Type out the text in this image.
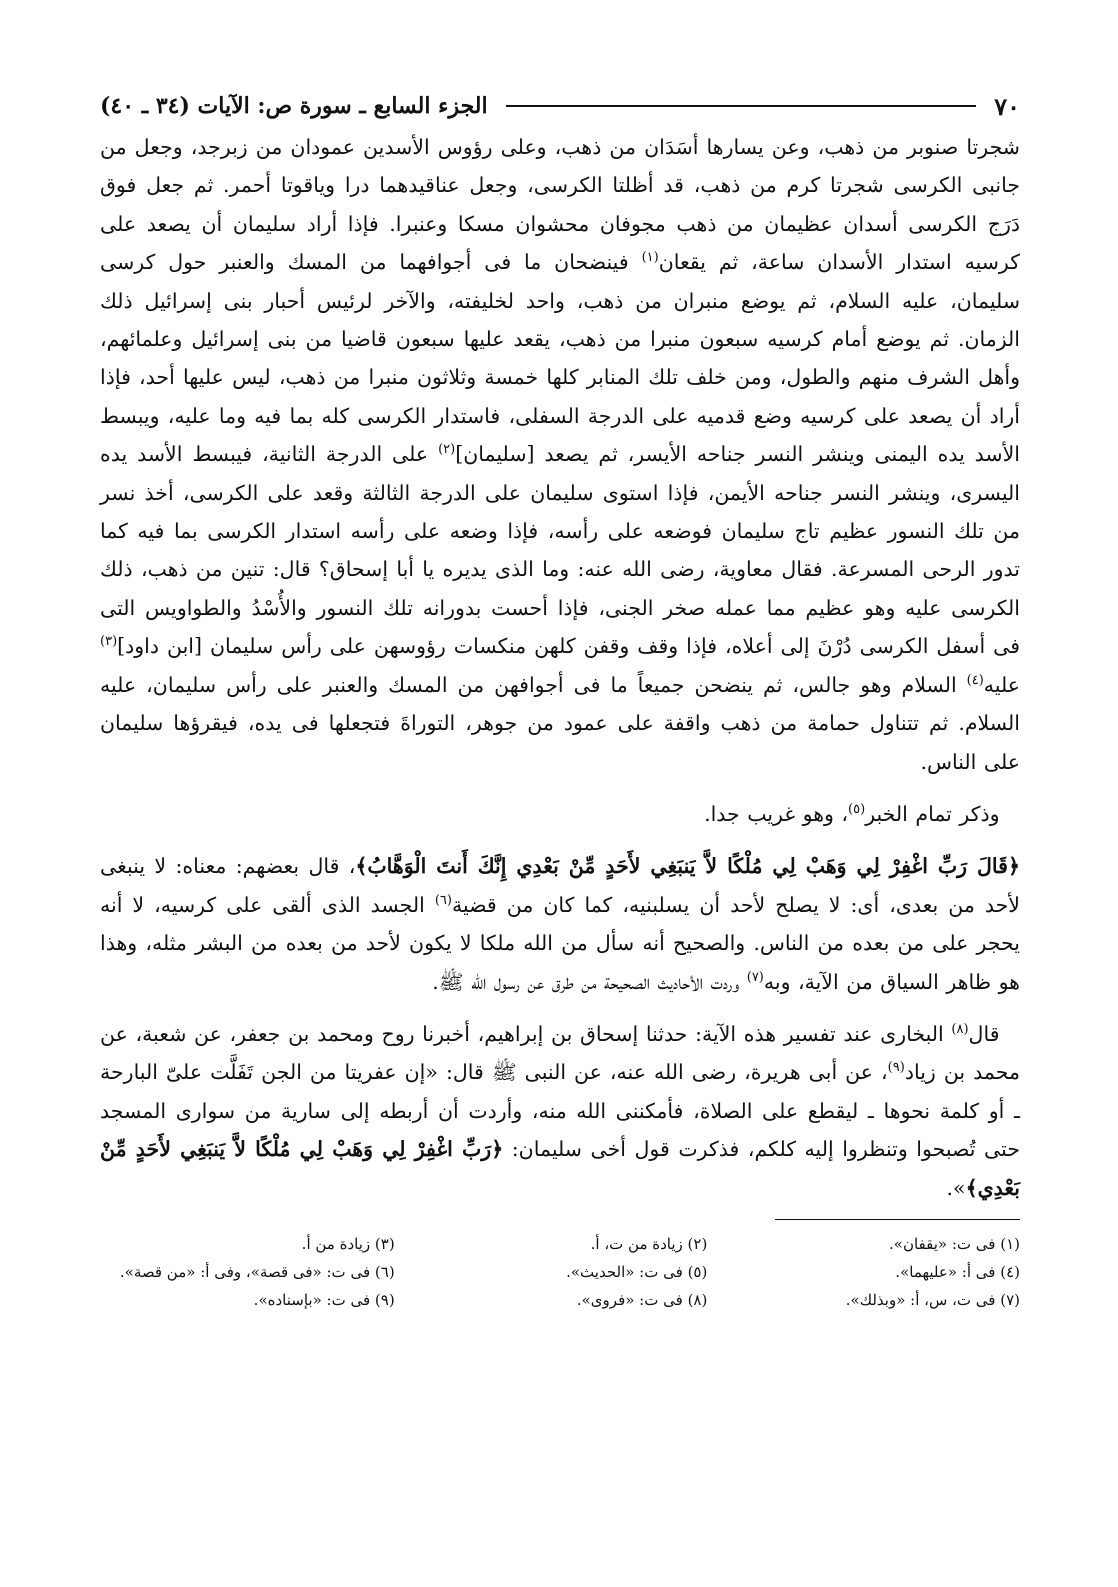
٧٠
الجزء السابع ـ سورة ص: الآيات (٣٤ ـ ٤٠)

شجرتا صنوبر من ذهب، وعن يسارها أسَدَان من ذهب، وعلى رؤوس الأسدين عمودان من زبرجد، وجعل من جانبى الكرسى شجرتا كرم من ذهب، قد أظلتا الكرسى، وجعل عناقيدهما درا وياقوتا أحمر. ثم جعل فوق دَرَج الكرسى أسدان عظيمان من ذهب مجوفان محشوان مسكا وعنبرا. فإذا أراد سليمان أن يصعد على كرسيه استدار الأسدان ساعة، ثم يقعان$^{(١)}$ فينضحان ما فى أجوافهما من المسك والعنبر حول كرسى سليمان، عليه السلام، ثم يوضع منبران من ذهب، واحد لخليفته، والآخر لرئيس أحبار بنى إسرائيل ذلك الزمان. ثم يوضع أمام كرسيه سبعون منبرا من ذهب، يقعد عليها سبعون قاضيا من بنى إسرائيل وعلمائهم، وأهل الشرف منهم والطول، ومن خلف تلك المنابر كلها خمسة وثلاثون منبرا من ذهب، ليس عليها أحد، فإذا أراد أن يصعد على كرسيه وضع قدميه على الدرجة السفلى، فاستدار الكرسى كله بما فيه وما عليه، ويبسط الأسد يده اليمنى وينشر النسر جناحه الأيسر، ثم يصعد [سليمان]$^{(٢)}$ على الدرجة الثانية، فيبسط الأسد يده اليسرى، وينشر النسر جناحه الأيمن، فإذا استوى سليمان على الدرجة الثالثة وقعد على الكرسى، أخذ نسر من تلك النسور عظيم تاج سليمان فوضعه على رأسه، فإذا وضعه على رأسه استدار الكرسى بما فيه كما تدور الرحى المسرعة. فقال معاوية، رضى الله عنه: وما الذى يديره يا أبا إسحاق؟ قال: تنين من ذهب، ذلك الكرسى عليه وهو عظيم مما عمله صخر الجنى، فإذا أحست بدورانه تلك النسور والأُسْدُ والطواويس التى فى أسفل الكرسى دُرْنَ إلى أعلاه، فإذا وقف وقفن كلهن منكسات رؤوسهن على رأس سليمان [ابن داود]$^{(٣)}$ عليه$^{(٤)}$ السلام وهو جالس، ثم ينضحن جميعاً ما فى أجوافهن من المسك والعنبر على رأس سليمان، عليه السلام. ثم تتناول حمامة من ذهب واقفة على عمود من جوهر، التوراةَ فتجعلها فى يده، فيقرؤها سليمان على الناس.

 وذكر تمام الخبر$^{(٥)}$، وهو غريب جدا.

﴿قَالَ رَبِّ اغْفِرْ لِي وَهَبْ لِي مُلْكًا لاَّ يَنبَغِي لأَحَدٍ مِّنْ بَعْدِي إِنَّكَ أَنتَ الْوَهَّابُ﴾، قال بعضهم: معناه: لا ينبغى لأحد من بعدى، أى: لا يصلح لأحد أن يسلبنيه، كما كان من قضية$^{(٦)}$ الجسد الذى ألقى على كرسيه، لا أنه يحجر على من بعده من الناس. والصحيح أنه سأل من الله ملكا لا يكون لأحد من بعده من البشر مثله، وهذا هو ظاهر السياق من الآية، وبه$^{(٧)}$ وردت الأحاديث الصحيحة من طرق عن رسول الله ﷺ.

 قال$^{(٨)}$ البخارى عند تفسير هذه الآية: حدثنا إسحاق بن إبراهيم، أخبرنا روح ومحمد بن جعفر، عن شعبة، عن محمد بن زياد$^{(٩)}$، عن أبى هريرة، رضى الله عنه، عن النبى ﷺ قال: «إن عفريتا من الجن تَفَلَّت علىّ البارحة ـ أو كلمة نحوها ـ ليقطع على الصلاة، فأمكننى الله منه، وأردت أن أربطه إلى سارية من سوارى المسجد حتى تُصبحوا وتنظروا إليه كلكم، فذكرت قول أخى سليمان: ﴿رَبِّ اغْفِرْ لِي وَهَبْ لِي مُلْكًا لاَّ يَنبَغِي لأَحَدٍ مِّنْ بَعْدِي﴾».

(١) فى ت: «يقفان».
(٢) زيادة من ت، أ.
(٣) زيادة من أ.
(٤) فى أ: «عليهما».
(٥) فى ت: «الحديث».
(٦) فى ت: «فى قصة»، وفى أ: «من قصة».
(٧) فى ت، س، أ: «وبذلك».
(٨) فى ت: «فروى».
(٩) فى ت: «بإسناده».
